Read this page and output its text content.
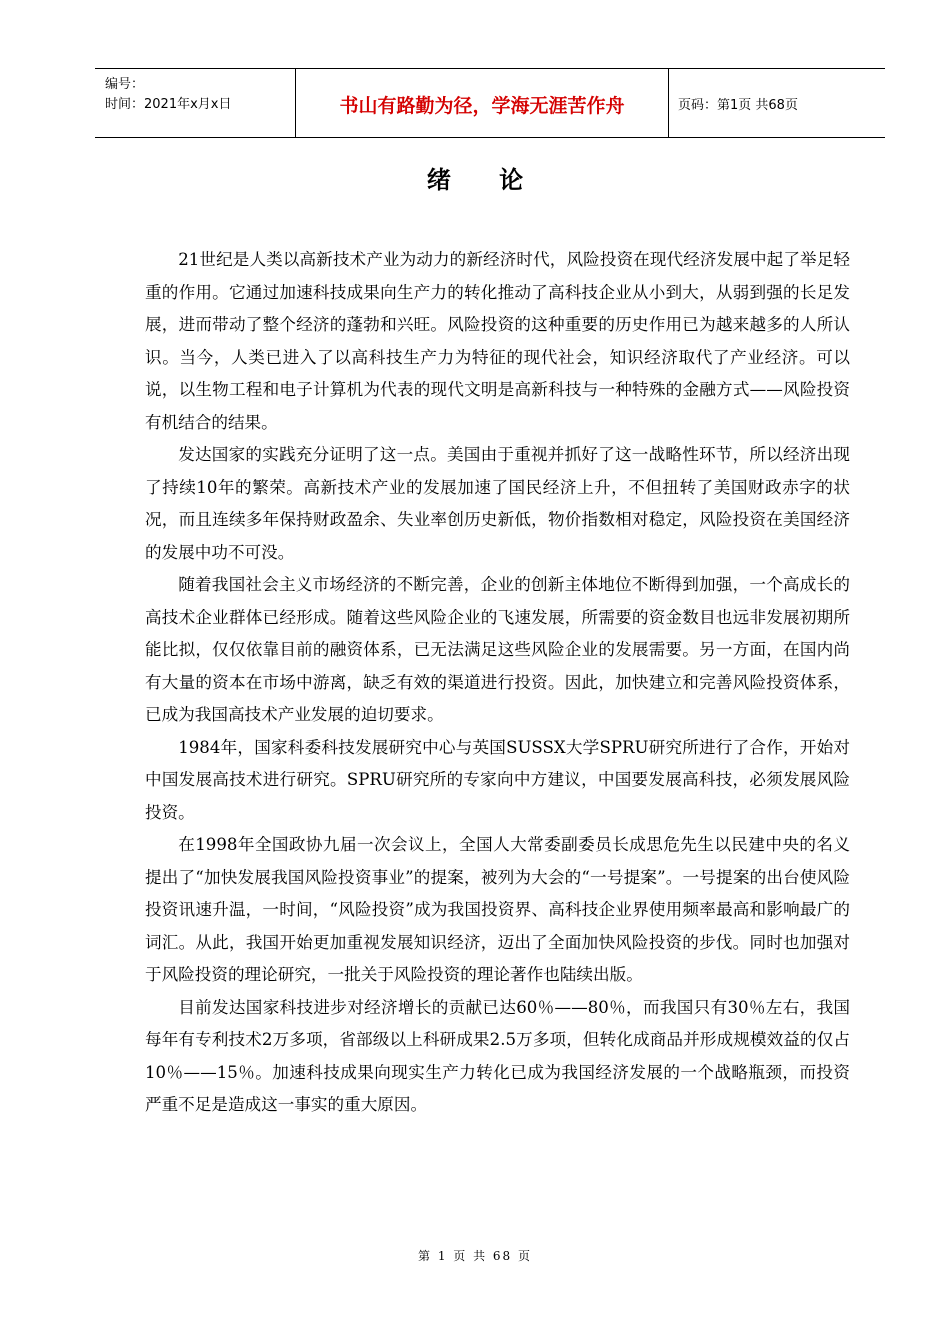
编号：
时间：2021年x月x日	书山有路勤为径，学海无涯苦作舟	页码：第1页 共68页
绪 论

21世纪是人类以高新技术产业为动力的新经济时代，风险投资在现代经济发展中起了举足轻重的作用。它通过加速科技成果向生产力的转化推动了高科技企业从小到大，从弱到强的长足发展，进而带动了整个经济的蓬勃和兴旺。风险投资的这种重要的历史作用已为越来越多的人所认识。当今，人类已进入了以高科技生产力为特征的现代社会，知识经济取代了产业经济。可以说，以生物工程和电子计算机为代表的现代文明是高新科技与一种特殊的金融方式——风险投资有机结合的结果。

发达国家的实践充分证明了这一点。美国由于重视并抓好了这一战略性环节，所以经济出现了持续10年的繁荣。高新技术产业的发展加速了国民经济上升，不但扭转了美国财政赤字的状况，而且连续多年保持财政盈余、失业率创历史新低，物价指数相对稳定，风险投资在美国经济的发展中功不可没。

随着我国社会主义市场经济的不断完善，企业的创新主体地位不断得到加强，一个高成长的高技术企业群体已经形成。随着这些风险企业的飞速发展，所需要的资金数目也远非发展初期所能比拟，仅仅依靠目前的融资体系，已无法满足这些风险企业的发展需要。另一方面，在国内尚有大量的资本在市场中游离，缺乏有效的渠道进行投资。因此，加快建立和完善风险投资体系，已成为我国高技术产业发展的迫切要求。

1984年，国家科委科技发展研究中心与英国SUSSX大学SPRU研究所进行了合作，开始对中国发展高技术进行研究。SPRU研究所的专家向中方建议，中国要发展高科技，必须发展风险投资。

在1998年全国政协九届一次会议上，全国人大常委副委员长成思危先生以民建中央的名义提出了“加快发展我国风险投资事业”的提案，被列为大会的“一号提案”。一号提案的出台使风险投资讯速升温，一时间，“风险投资”成为我国投资界、高科技企业界使用频率最高和影响最广的词汇。从此，我国开始更加重视发展知识经济，迈出了全面加快风险投资的步伐。同时也加强对于风险投资的理论研究，一批关于风险投资的理论著作也陆续出版。

目前发达国家科技进步对经济增长的贡献已达60％——80％，而我国只有30％左右，我国每年有专利技术2万多项，省部级以上科研成果2.5万多项，但转化成商品并形成规模效益的仅占10％——15％。加速科技成果向现实生产力转化已成为我国经济发展的一个战略瓶颈，而投资严重不足是造成这一事实的重大原因。

第 1 页 共 68 页
